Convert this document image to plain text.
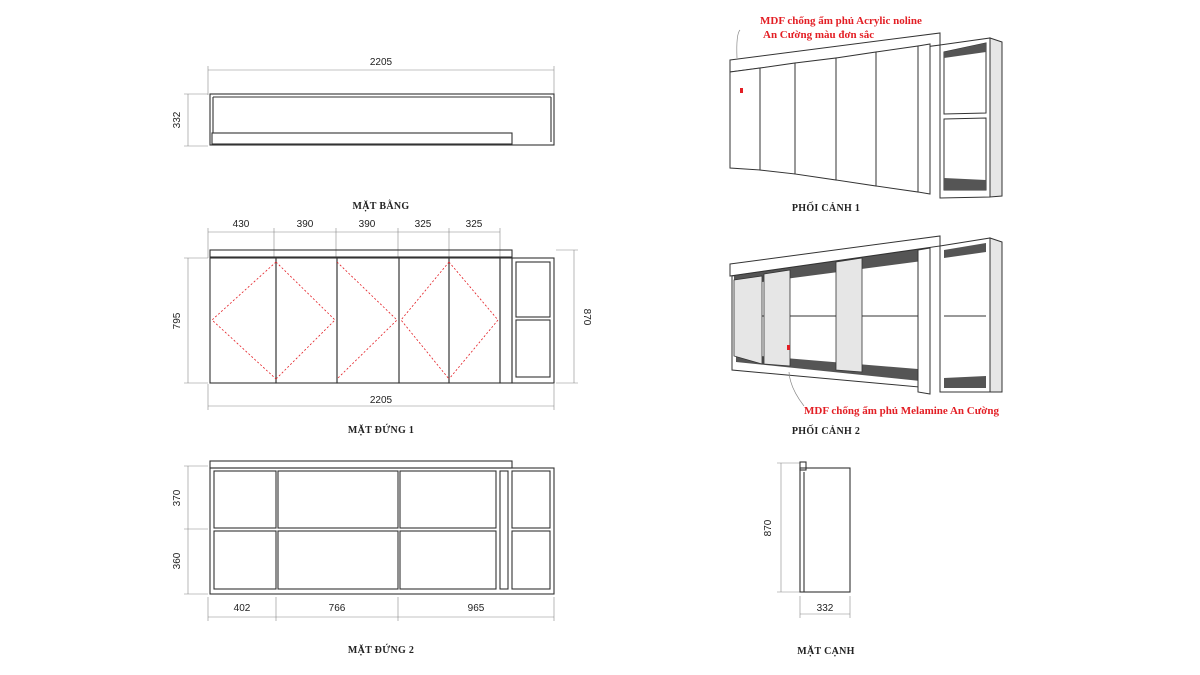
2205
332
MẶT BẰNG
430	390	390	325	325
795	870
2205
MẶT ĐỨNG 1
370
360
402	766	965
MẶT ĐỨNG 2
MDF chống ẩm phủ Acrylic noline
An Cường màu đơn sắc
PHỐI CẢNH 1
MDF chống ẩm phủ Melamine An Cường
PHỐI CẢNH 2
870
332
MẶT CẠNH
